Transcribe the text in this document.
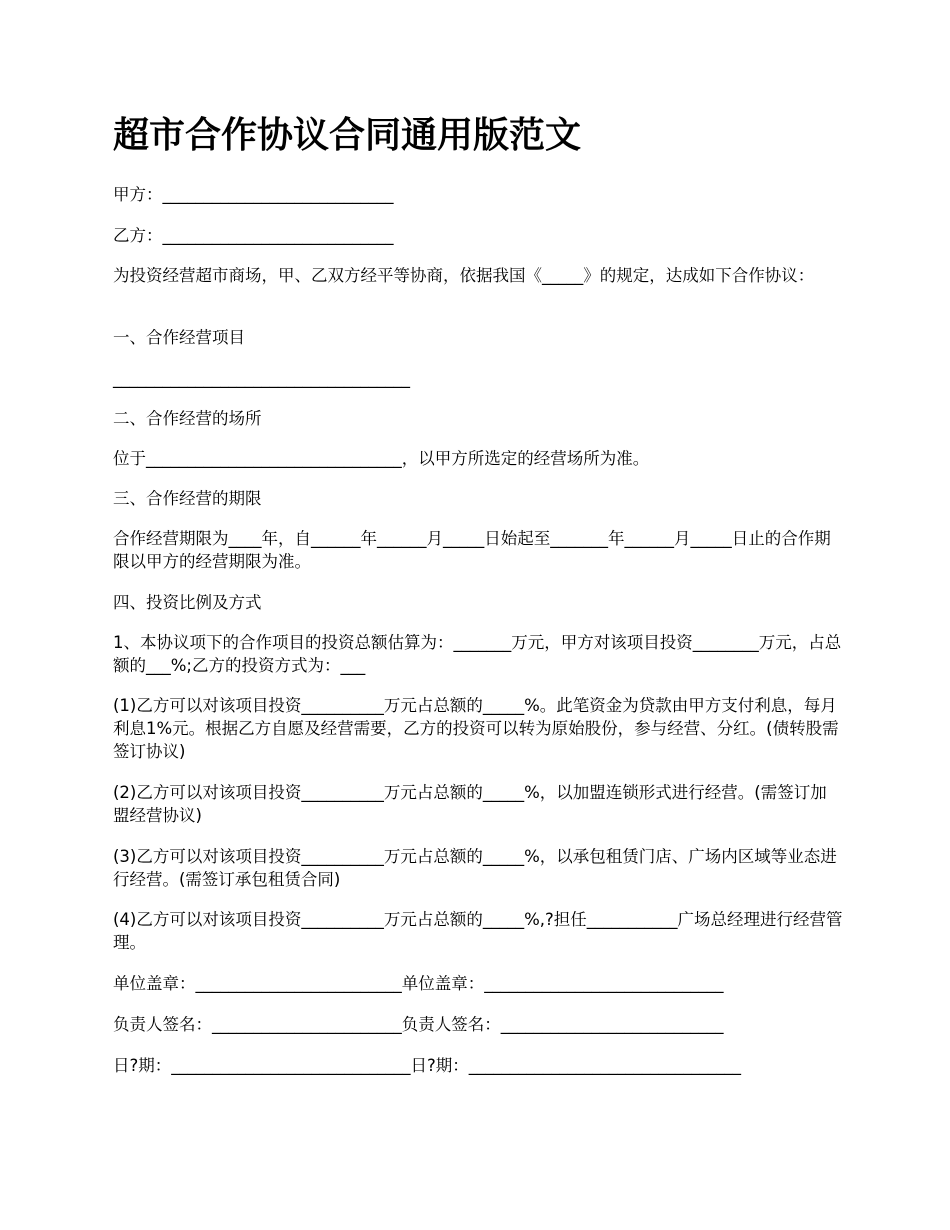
超市合作协议合同通用版范文
甲方：____________________________
乙方：____________________________
为投资经营超市商场，甲、乙双方经平等协商，依据我国《_____》的规定，达成如下合作协议：
一、合作经营项目
____________________________________
二、合作经营的场所
位于_______________________________，以甲方所选定的经营场所为准。
三、合作经营的期限
合作经营期限为____年，自______年______月_____日始起至_______年______月_____日止的合作期限以甲方的经营期限为准。
四、投资比例及方式
1、本协议项下的合作项目的投资总额估算为：_______万元，甲方对该项目投资________万元，占总额的___%;乙方的投资方式为：___
(1)乙方可以对该项目投资__________万元占总额的_____%。此笔资金为贷款由甲方支付利息，每月利息1%元。根据乙方自愿及经营需要，乙方的投资可以转为原始股份，参与经营、分红。(债转股需签订协议)
(2)乙方可以对该项目投资__________万元占总额的_____%，以加盟连锁形式进行经营。(需签订加盟经营协议)
(3)乙方可以对该项目投资__________万元占总额的_____%，以承包租赁门店、广场内区域等业态进行经营。(需签订承包租赁合同)
(4)乙方可以对该项目投资__________万元占总额的_____%,?担任___________广场总经理进行经营管理。
单位盖章：_________________________单位盖章：_____________________________
负责人签名：_______________________负责人签名：___________________________
日?期：_____________________________日?期：_________________________________
